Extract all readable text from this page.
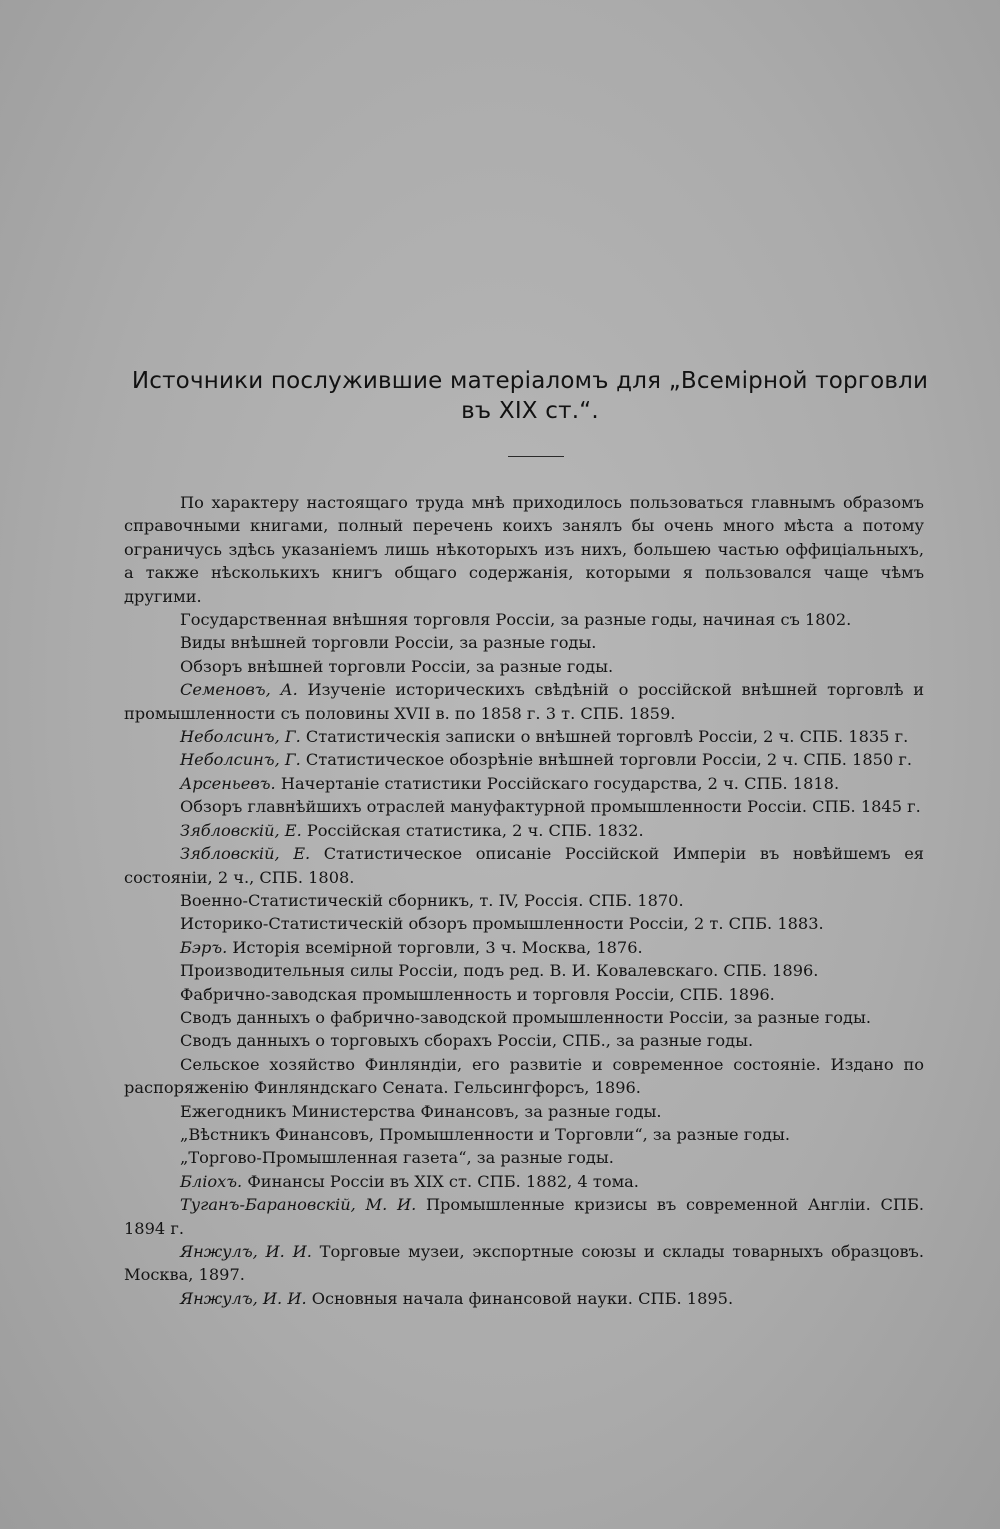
Источники послужившие матеріаломъ для „Всемірной торговли
въ XIX ст.“.

По характеру настоящаго труда мнѣ приходилось пользоваться главнымъ образомъ справочными книгами, полный перечень коихъ занялъ бы очень много мѣста а потому ограничусь здѣсь указаніемъ лишь нѣкоторыхъ изъ нихъ, большею частью оффиціальныхъ, а также нѣсколькихъ книгъ общаго содержанія, которыми я пользовался чаще чѣмъ другими.

Государственная внѣшняя торговля Россіи, за разные годы, начиная съ 1802.

Виды внѣшней торговли Россіи, за разные годы.

Обзоръ внѣшней торговли Россіи, за разные годы.

Семеновъ, А. Изученіе историческихъ свѣдѣній о россійской внѣшней торговлѣ и промышленности съ половины XVII в. по 1858 г. 3 т. СПБ. 1859.

Неболсинъ, Г. Статистическія записки о внѣшней торговлѣ Россіи, 2 ч. СПБ. 1835 г.

Неболсинъ, Г. Статистическое обозрѣніе внѣшней торговли Россіи, 2 ч. СПБ. 1850 г.

Арсеньевъ. Начертаніе статистики Россійскаго государства, 2 ч. СПБ. 1818.

Обзоръ главнѣйшихъ отраслей мануфактурной промышленности Россіи. СПБ. 1845 г.

Зябловскій, Е. Россійская статистика, 2 ч. СПБ. 1832.

Зябловскій, Е. Статистическое описаніе Россійской Имперіи въ новѣйшемъ ея состояніи, 2 ч., СПБ. 1808.

Военно-Статистическій сборникъ, т. IV, Россія. СПБ. 1870.

Историко-Статистическій обзоръ промышленности Россіи, 2 т. СПБ. 1883.

Бэръ. Исторія всемірной торговли, 3 ч. Москва, 1876.

Производительныя силы Россіи, подъ ред. В. И. Ковалевскаго. СПБ. 1896.

Фабрично-заводская промышленность и торговля Россіи, СПБ. 1896.

Сводъ данныхъ о фабрично-заводской промышленности Россіи, за разные годы.

Сводъ данныхъ о торговыхъ сборахъ Россіи, СПБ., за разные годы.

Сельское хозяйство Финляндіи, его развитіе и современное состояніе. Издано по распоряженію Финляндскаго Сената. Гельсингфорсъ, 1896.

Ежегодникъ Министерства Финансовъ, за разные годы.

„Вѣстникъ Финансовъ, Промышленности и Торговли“, за разные годы.

„Торгово-Промышленная газета“, за разные годы.

Бліохъ. Финансы Россіи въ XIX ст. СПБ. 1882, 4 тома.

Туганъ-Барановскій, М. И. Промышленные кризисы въ современной Англіи. СПБ. 1894 г.

Янжулъ, И. И. Торговые музеи, экспортные союзы и склады товарныхъ образцовъ. Москва, 1897.

Янжулъ, И. И. Основныя начала финансовой науки. СПБ. 1895.
